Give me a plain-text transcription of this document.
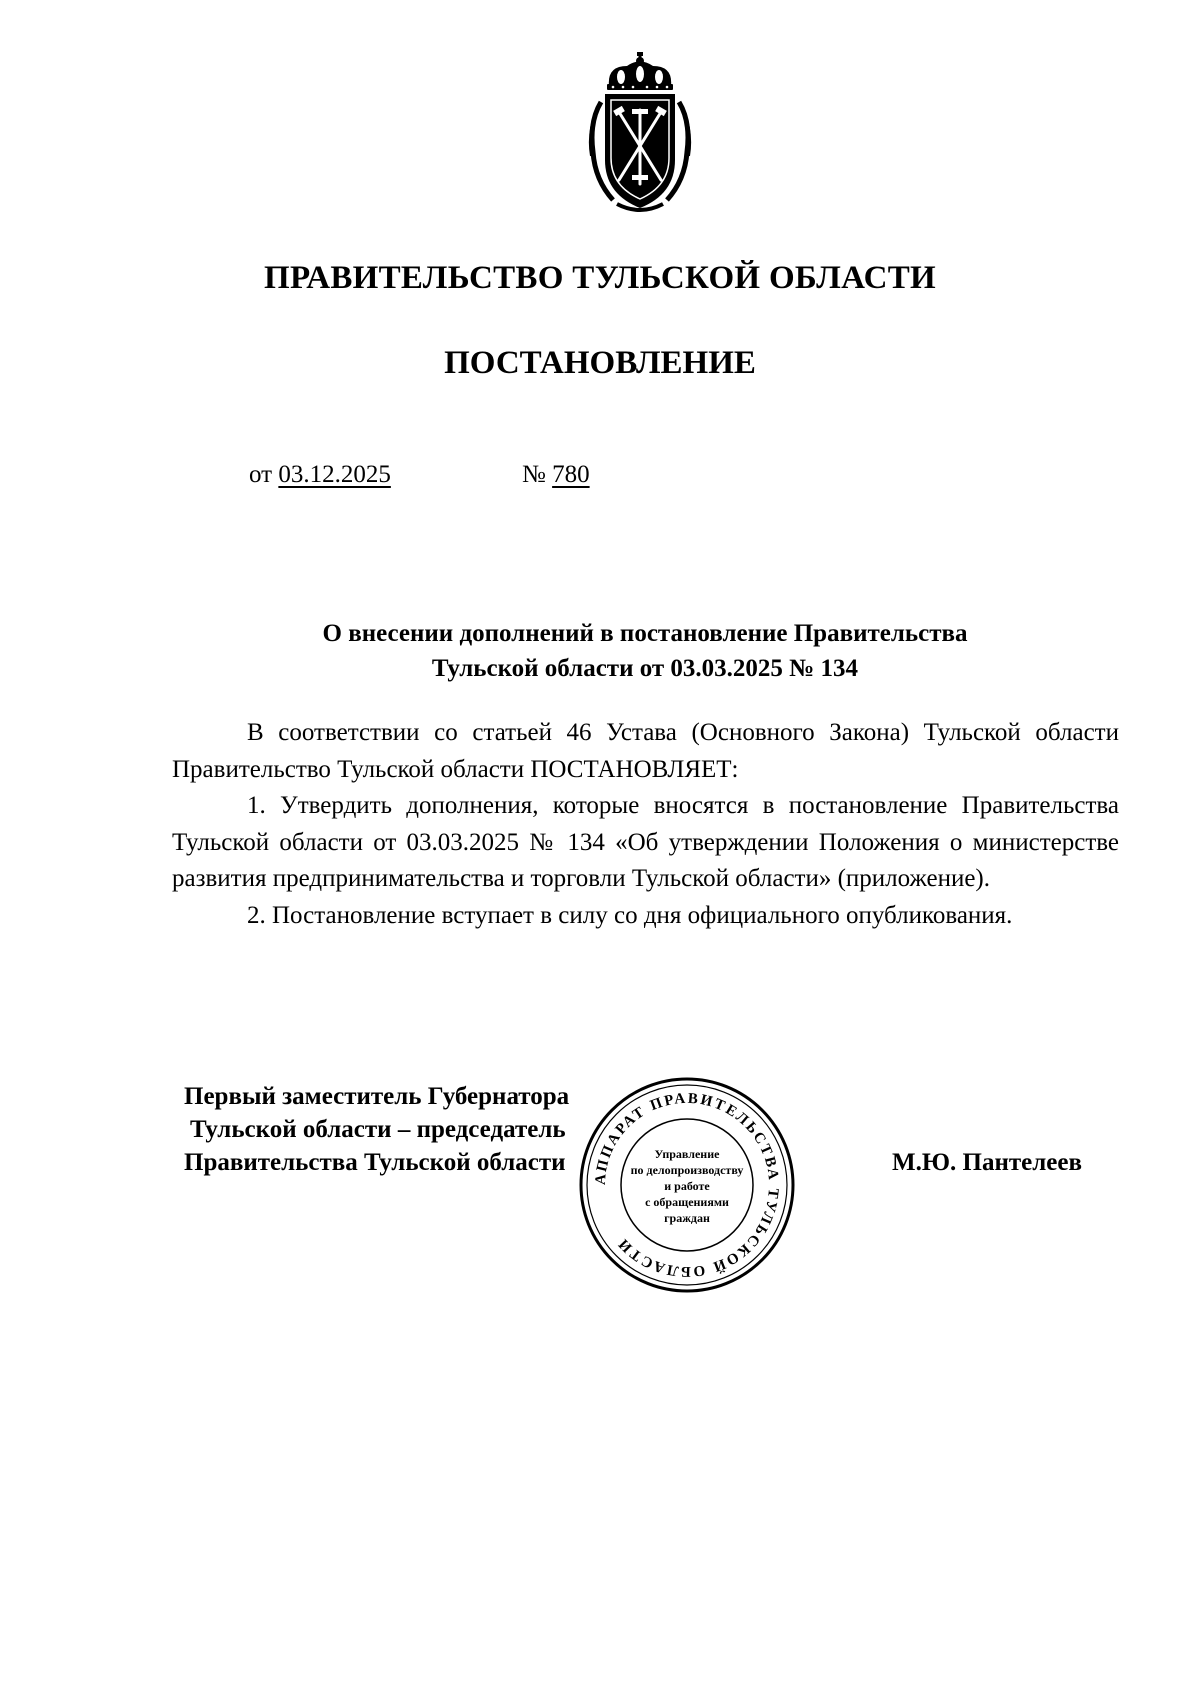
ПРАВИТЕЛЬСТВО ТУЛЬСКОЙ ОБЛАСТИ
ПОСТАНОВЛЕНИЕ
от 03.12.2025	№ 780
О внесении дополнений в постановление Правительства
Тульской области от 03.03.2025 № 134

В соответствии со статьей 46 Устава (Основного Закона) Тульской области Правительство Тульской области ПОСТАНОВЛЯЕТ:

1. Утвердить дополнения, которые вносятся в постановление Правительства Тульской области от 03.03.2025 № 134 «Об утверждении Положения о министерстве развития предпринимательства и торговли Тульской области» (приложение).

2. Постановление вступает в силу со дня официального опубликования.

Первый заместитель Губернатора
Тульской области – председатель
Правительства Тульской области	М.Ю. Пантелеев
АППАРАТ ПРАВИТЕЛЬСТВА ТУЛЬСКОЙ ОБЛАСТИ
Управление
по делопроизводству
и работе
с обращениями
граждан
